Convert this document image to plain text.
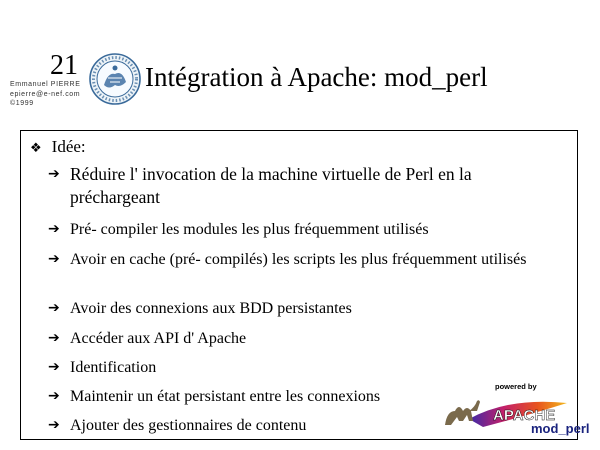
21
Emmanuel PIERRE
epierre@e-nef.com
©1999
Intégration à Apache: mod_perl
❖ Idée:
➔ Réduire l' invocation de la machine virtuelle de Perl en la préchargeant
➔ Pré- compiler les modules les plus fréquemment utilisés
➔ Avoir en cache (pré- compilés) les scripts les plus fréquemment utilisés
➔ Avoir des connexions aux BDD persistantes
➔ Accéder aux API d' Apache
➔ Identification
➔ Maintenir un état persistant entre les connexions
➔ Ajouter des gestionnaires de contenu
powered by
APACHE
mod_perl
